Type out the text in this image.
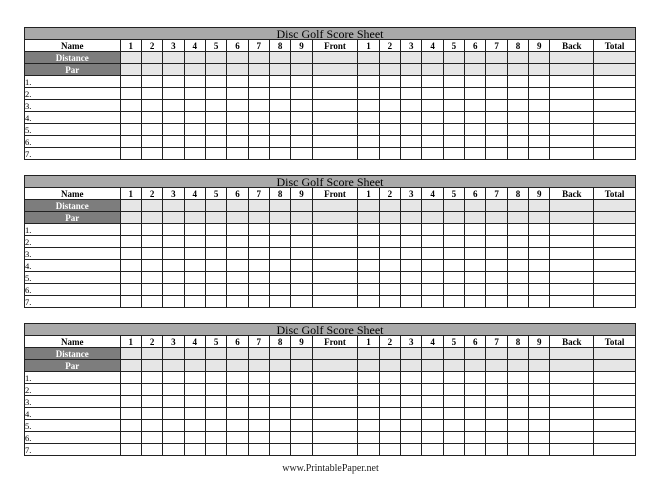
Disc Golf Score Sheet																					
Name	1	2	3	4	5	6	7	8	9	Front	1	2	3	4	5	6	7	8	9	Back	Total
Distance																					
Par																					
1.																					
2.																					
3.																					
4.																					
5.																					
6.																					
7.																					
Disc Golf Score Sheet																					
Name	1	2	3	4	5	6	7	8	9	Front	1	2	3	4	5	6	7	8	9	Back	Total
Distance																					
Par																					
1.																					
2.																					
3.																					
4.																					
5.																					
6.																					
7.																					
Disc Golf Score Sheet																					
Name	1	2	3	4	5	6	7	8	9	Front	1	2	3	4	5	6	7	8	9	Back	Total
Distance																					
Par																					
1.																					
2.																					
3.																					
4.																					
5.																					
6.																					
7.																					
www.PrintablePaper.net
